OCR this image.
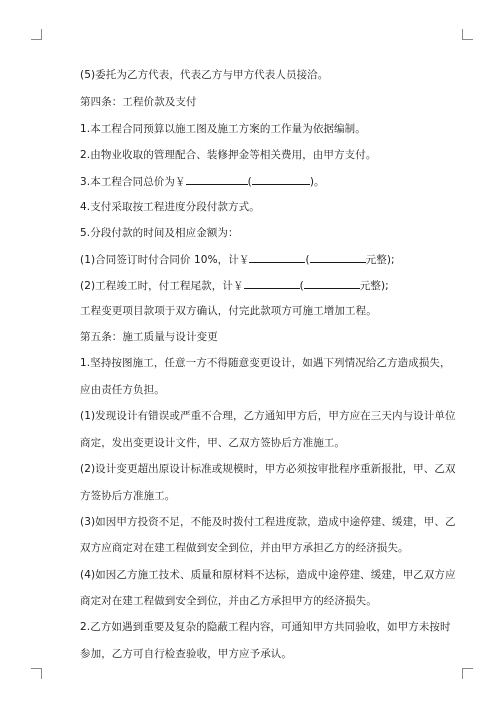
(5)委托为乙方代表，代表乙方与甲方代表人员接洽。
第四条：工程价款及支付
1.本工程合同预算以施工图及施工方案的工作量为依据编制。
2.由物业收取的管理配合、装修押金等相关费用，由甲方支付。
3.本工程合同总价为￥	(	)。
4.支付采取按工程进度分段付款方式。
5.分段付款的时间及相应金额为：
(1)合同签订时付合同价 10%，计￥	(	元整);
(2)工程竣工时，付工程尾款，计￥	(	元整);
工程变更项目款项于双方确认，付完此款项方可施工增加工程。
第五条：施工质量与设计变更
1.坚持按图施工，任意一方不得随意变更设计，如遇下列情况给乙方造成损失，
应由责任方负担。
(1)发现设计有错误或严重不合理，乙方通知甲方后，甲方应在三天内与设计单位
商定，发出变更设计文件，甲、乙双方签协后方准施工。
(2)设计变更超出原设计标准或规模时，甲方必须按审批程序重新报批，甲、乙双
方签协后方准施工。
(3)如因甲方投资不足，不能及时拨付工程进度款，造成中途停建、缓建，甲、乙
双方应商定对在建工程做到安全到位，并由甲方承担乙方的经济损失。
(4)如因乙方施工技术、质量和原材料不达标，造成中途停建、缓建，甲乙双方应
商定对在建工程做到安全到位，并由乙方承担甲方的经济损失。
2.乙方如遇到重要及复杂的隐蔽工程内容，可通知甲方共同验收，如甲方未按时
参加，乙方可自行检查验收，甲方应予承认。
